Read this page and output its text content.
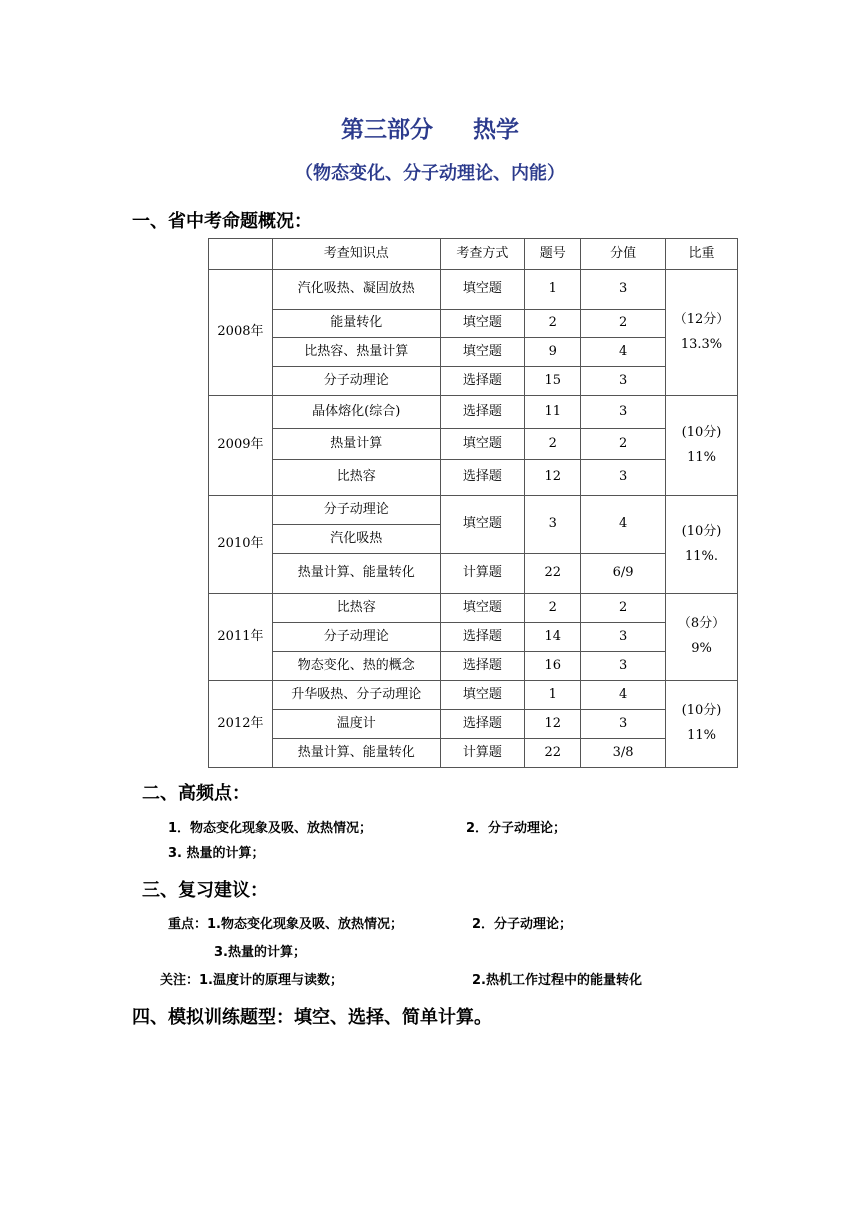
第三部分 热学
（物态变化、分子动理论、内能）
一、省中考命题概况：
	考查知识点	考查方式	题号	分值	比重
2008年	汽化吸热、凝固放热	填空题	1	3	（12分）
13.3%

	能量转化	填空题	2	2	
	比热容、热量计算	填空题	9	4	
	分子动理论	选择题	15	3	
2009年	晶体熔化(综合)	选择题	11	3	(10分)
11%

	热量计算	填空题	2	2	
	比热容	选择题	12	3	
2010年	分子动理论	填空题	3	4	(10分)
11%.

	汽化吸热				
	热量计算、能量转化	计算题	22	6/9	
2011年	比热容	填空题	2	2	（8分）
9%

	分子动理论	选择题	14	3	
	物态变化、热的概念	选择题	16	3	
2012年	升华吸热、分子动理论	填空题	1	4	(10分)
11%

	温度计	选择题	12	3	
	热量计算、能量转化	计算题	22	3/8	
二、高频点：
1．物态变化现象及吸、放热情况；	2．分子动理论；
3. 热量的计算；
三、复习建议：
重点：1.物态变化现象及吸、放热情况；	2．分子动理论；
3.热量的计算；
关注：1.温度计的原理与读数；	2.热机工作过程中的能量转化
四、模拟训练题型：填空、选择、简单计算。
